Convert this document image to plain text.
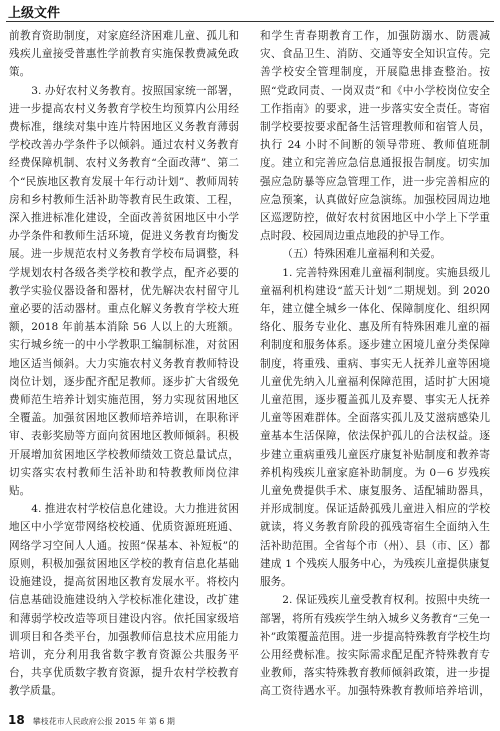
上级文件

前教育资助制度，对家庭经济困难儿童、孤儿和残疾儿童接受普惠性学前教育实施保教费减免政策。

3. 办好农村义务教育。按照国家统一部署，进一步提高农村义务教育学校生均预算内公用经费标准，继续对集中连片特困地区义务教育薄弱学校改善办学条件予以倾斜。通过农村义务教育经费保障机制、农村义务教育“全面改薄”、第二个“民族地区教育发展十年行动计划”、教师周转房和乡村教师生活补助等教育民生政策、工程，深入推进标准化建设，全面改善贫困地区中小学办学条件和教师生活环境，促进义务教育均衡发展。进一步规范农村义务教育学校布局调整，科学规划农村各级各类学校和教学点，配齐必要的教学实验仪器设备和器材，优先解决农村留守儿童必要的活动器材。重点化解义务教育学校大班额，2018 年前基本消除 56 人以上的大班额。实行城乡统一的中小学教职工编制标准，对贫困地区适当倾斜。大力实施农村义务教育教师特设岗位计划，逐步配齐配足教师。逐步扩大省级免费师范生培养计划实施范围，努力实现贫困地区全覆盖。加强贫困地区教师培养培训，在职称评审、表彰奖励等方面向贫困地区教师倾斜。积极开展增加贫困地区学校教师绩效工资总量试点，切实落实农村教师生活补助和特教教师岗位津贴。

4. 推进农村学校信息化建设。大力推进贫困地区中小学宽带网络校校通、优质资源班班通、网络学习空间人人通。按照“保基本、补短板”的原则，积极加强贫困地区学校的教育信息化基础设施建设，提高贫困地区教育发展水平。将校内信息基础设施建设纳入学校标准化建设，改扩建和薄弱学校改造等项目建设内容。依托国家级培训项目和各类平台，加强教师信息技术应用能力培训，充分利用我省数字教育资源公共服务平台，共享优质数字教育资源，提升农村学校教育教学质量。

和学生青春期教育工作，加强防溺水、防震减灾、食品卫生、消防、交通等安全知识宣传。完善学校安全管理制度，开展隐患排查整治。按照“党政同责、一岗双责”和《中小学校岗位安全工作指南》的要求，进一步落实安全责任。寄宿制学校要按要求配备生活管理教师和宿管人员，执行 24 小时不间断的领导带班、教师值班制度。建立和完善应急信息通报报告制度。切实加强应急防暴等应急管理工作，进一步完善相应的应急预案，认真做好应急演练。加强校园周边地区巡逻防控，做好农村贫困地区中小学上下学重点时段、校园周边重点地段的护导工作。

（五）特殊困难儿童福利和关爱。

1. 完善特殊困难儿童福利制度。实施县级儿童福利机构建设“蓝天计划”二期规划。到 2020 年，建立健全城乡一体化、保障制度化、组织网络化、服务专业化、惠及所有特殊困难儿童的福利制度和服务体系。逐步建立困境儿童分类保障制度，将重残、重病、事实无人抚养儿童等困境儿童优先纳入儿童福利保障范围，适时扩大困境儿童范围，逐步覆盖孤儿及弃婴、事实无人抚养儿童等困难群体。全面落实孤儿及艾滋病感染儿童基本生活保障，依法保护孤儿的合法权益。逐步建立重病重残儿童医疗康复补贴制度和教养寄养机构残疾儿童家庭补助制度。为 0－6 岁残疾儿童免费提供手术、康复服务、适配辅助器具，并形成制度。保证适龄孤残儿童进入相应的学校就读，将义务教育阶段的孤残寄宿生全面纳入生活补助范围。全省每个市（州）、县（市、区）都建成 1 个残疾人服务中心，为残疾儿童提供康复服务。

2. 保证残疾儿童受教育权利。按照中央统一部署，将所有残疾学生纳入城乡义务教育“三免一补”政策覆盖范围。进一步提高特殊教育学校生均公用经费标准。按实际需求配足配齐特殊教育专业教师，落实特殊教育教师倾斜政策，进一步提高工资待遇水平。加强特殊教育教师培养培训，

18 攀枝花市人民政府公报 2015 年 第 6 期
